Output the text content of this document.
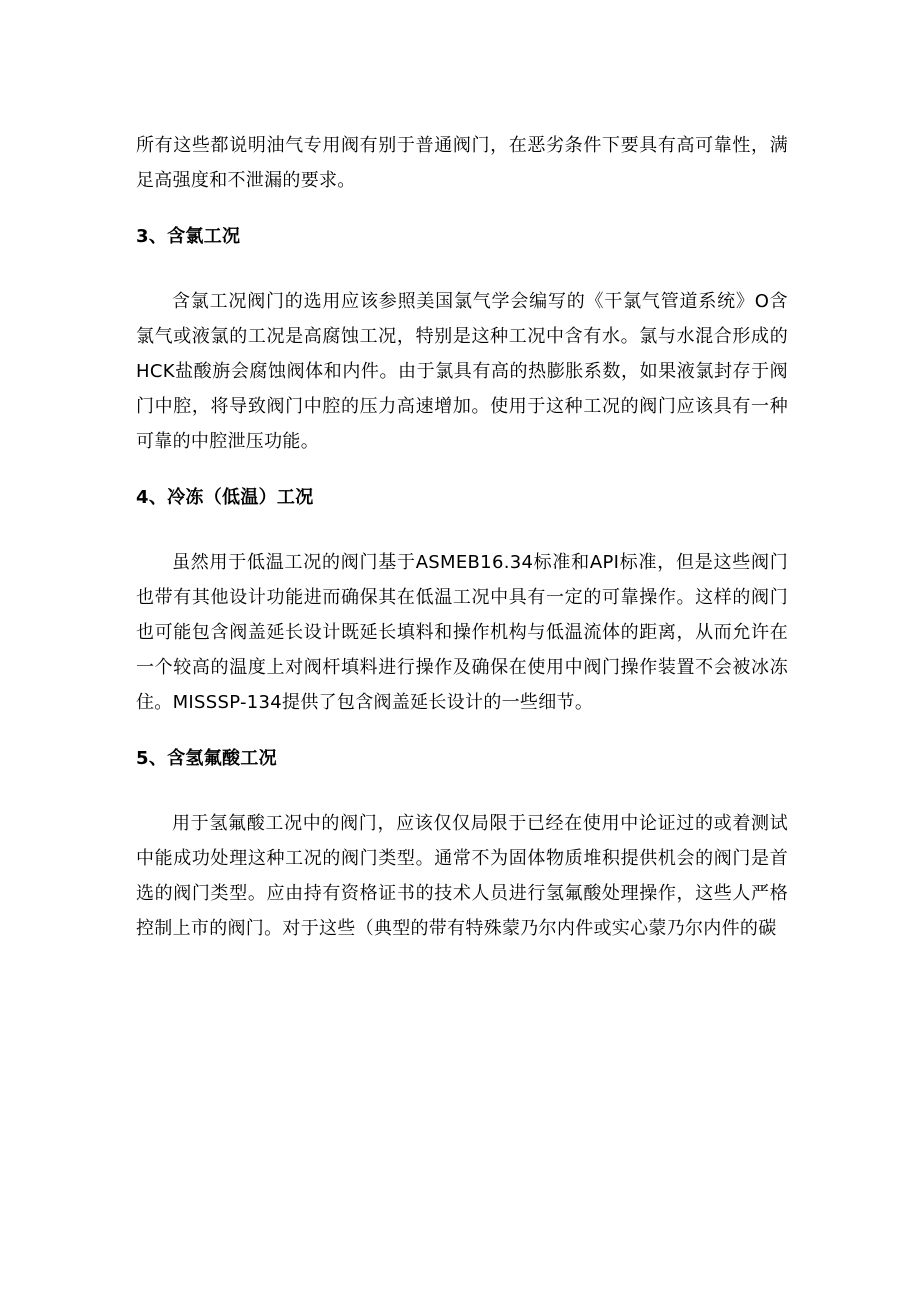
所有这些都说明油气专用阀有别于普通阀门，在恶劣条件下要具有高可靠性，满足高强度和不泄漏的要求。

3、含氯工况

含氯工况阀门的选用应该参照美国氯气学会编写的《干氯气管道系统》O含氯气或液氯的工况是高腐蚀工况，特别是这种工况中含有水。氯与水混合形成的HCK盐酸旃会腐蚀阀体和内件。由于氯具有高的热膨胀系数，如果液氯封存于阀门中腔，将导致阀门中腔的压力高速增加。使用于这种工况的阀门应该具有一种可靠的中腔泄压功能。

4、冷冻（低温）工况

虽然用于低温工况的阀门基于ASMEB16.34标准和API标准，但是这些阀门也带有其他设计功能进而确保其在低温工况中具有一定的可靠操作。这样的阀门也可能包含阀盖延长设计既延长填料和操作机构与低温流体的距离，从而允许在一个较高的温度上对阀杆填料进行操作及确保在使用中阀门操作装置不会被冰冻住。MISSSP-134提供了包含阀盖延长设计的一些细节。

5、含氢氟酸工况

用于氢氟酸工况中的阀门，应该仅仅局限于已经在使用中论证过的或着测试中能成功处理这种工况的阀门类型。通常不为固体物质堆积提供机会的阀门是首选的阀门类型。应由持有资格证书的技术人员进行氢氟酸处理操作，这些人严格控制上市的阀门。对于这些（典型的带有特殊蒙乃尔内件或实心蒙乃尔内件的碳
